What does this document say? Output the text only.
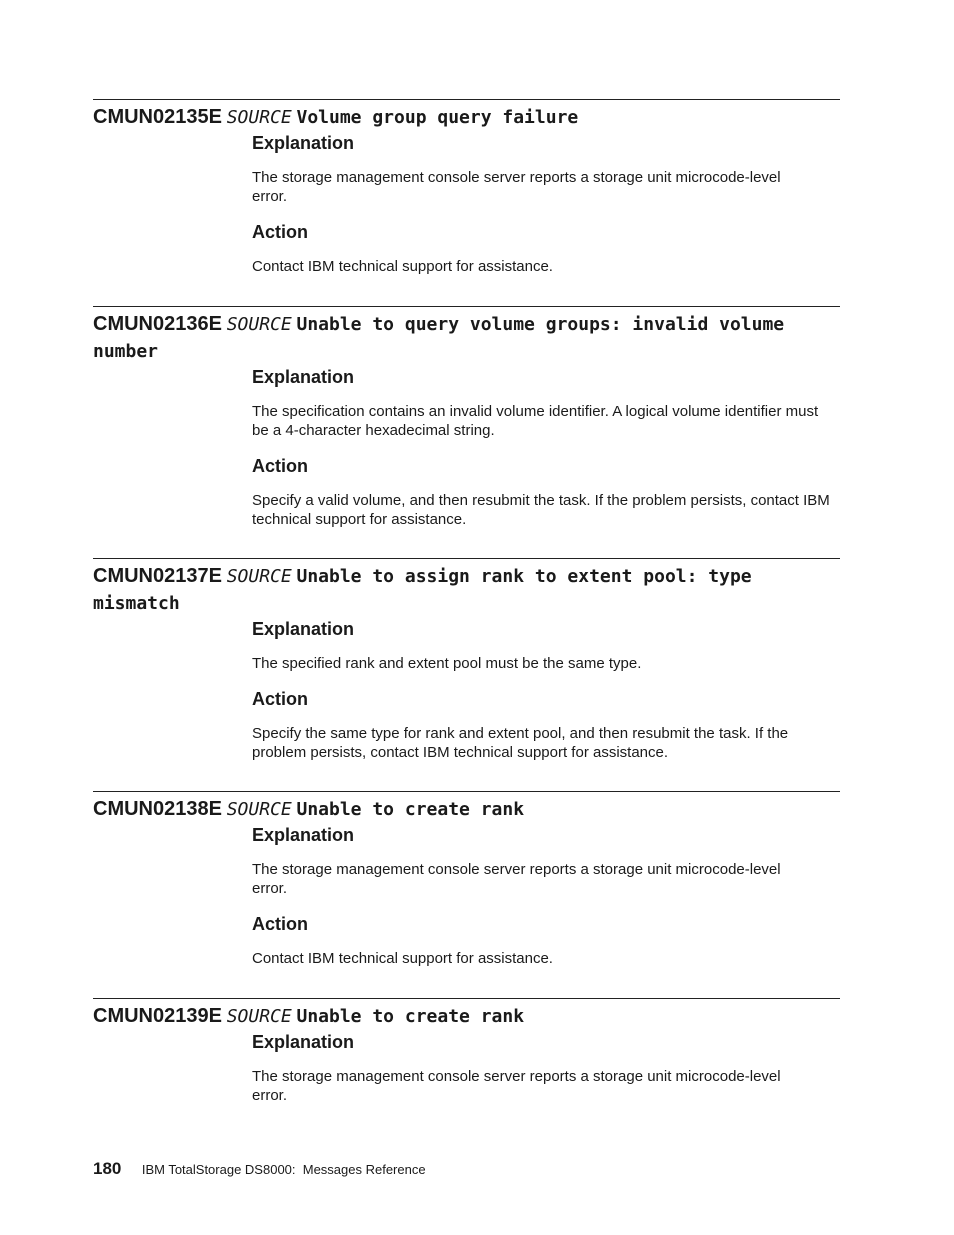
CMUN02135E SOURCE Volume group query failure
Explanation

The storage management console server reports a storage unit microcode-level error.

Action

Contact IBM technical support for assistance.

CMUN02136E SOURCE Unable to query volume groups: invalid volume number
Explanation

The specification contains an invalid volume identifier. A logical volume identifier must be a 4-character hexadecimal string.

Action

Specify a valid volume, and then resubmit the task. If the problem persists, contact IBM technical support for assistance.

CMUN02137E SOURCE Unable to assign rank to extent pool: type mismatch
Explanation

The specified rank and extent pool must be the same type.

Action

Specify the same type for rank and extent pool, and then resubmit the task. If the problem persists, contact IBM technical support for assistance.

CMUN02138E SOURCE Unable to create rank
Explanation

The storage management console server reports a storage unit microcode-level error.

Action

Contact IBM technical support for assistance.

CMUN02139E SOURCE Unable to create rank
Explanation

The storage management console server reports a storage unit microcode-level error.

180 IBM TotalStorage DS8000:  Messages Reference
